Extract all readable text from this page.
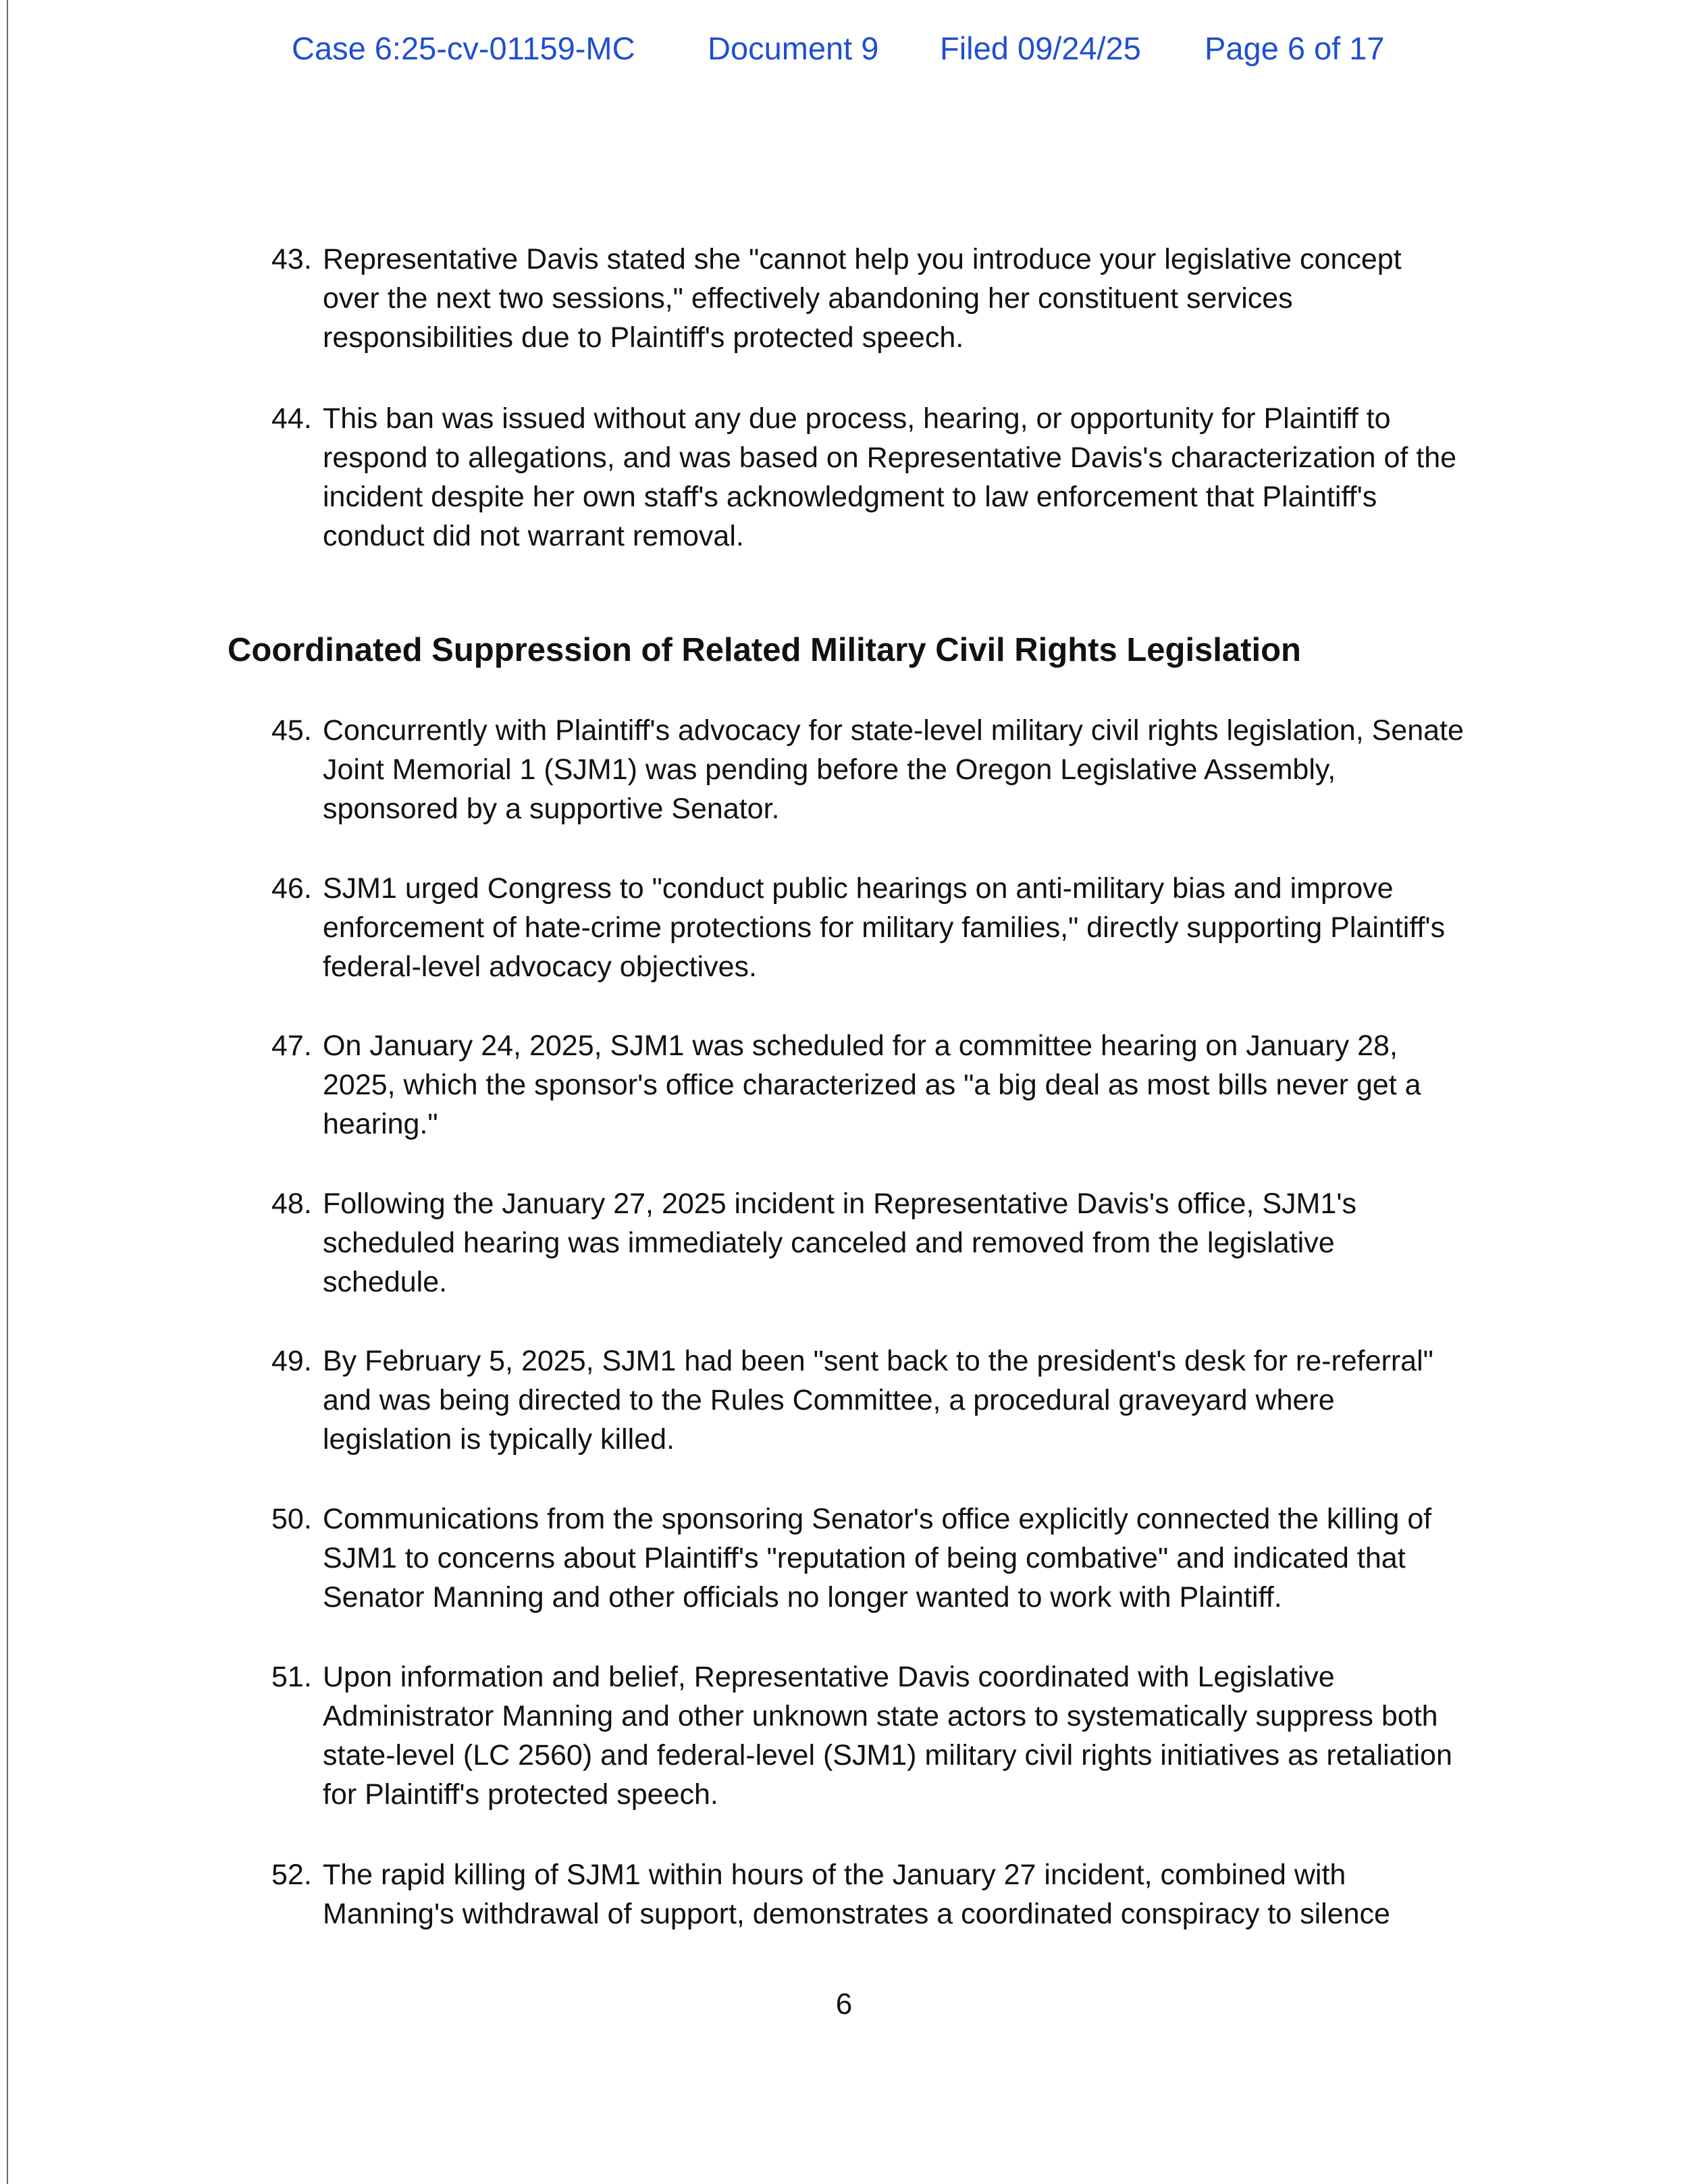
Case 6:25-cv-01159-MC Document 9 Filed 09/24/25 Page 6 of 17
43. Representative Davis stated she "cannot help you introduce your legislative concept
over the next two sessions," effectively abandoning her constituent services
responsibilities due to Plaintiff's protected speech.
44. This ban was issued without any due process, hearing, or opportunity for Plaintiff to
respond to allegations, and was based on Representative Davis's characterization of the
incident despite her own staff's acknowledgment to law enforcement that Plaintiff's
conduct did not warrant removal.
Coordinated Suppression of Related Military Civil Rights Legislation
45. Concurrently with Plaintiff's advocacy for state-level military civil rights legislation, Senate
Joint Memorial 1 (SJM1) was pending before the Oregon Legislative Assembly,
sponsored by a supportive Senator.
46. SJM1 urged Congress to "conduct public hearings on anti-military bias and improve
enforcement of hate-crime protections for military families," directly supporting Plaintiff's
federal-level advocacy objectives.
47. On January 24, 2025, SJM1 was scheduled for a committee hearing on January 28,
2025, which the sponsor's office characterized as "a big deal as most bills never get a
hearing."
48. Following the January 27, 2025 incident in Representative Davis's office, SJM1's
scheduled hearing was immediately canceled and removed from the legislative
schedule.
49. By February 5, 2025, SJM1 had been "sent back to the president's desk for re-referral"
and was being directed to the Rules Committee, a procedural graveyard where
legislation is typically killed.
50. Communications from the sponsoring Senator's office explicitly connected the killing of
SJM1 to concerns about Plaintiff's "reputation of being combative" and indicated that
Senator Manning and other officials no longer wanted to work with Plaintiff.
51. Upon information and belief, Representative Davis coordinated with Legislative
Administrator Manning and other unknown state actors to systematically suppress both
state-level (LC 2560) and federal-level (SJM1) military civil rights initiatives as retaliation
for Plaintiff's protected speech.
52. The rapid killing of SJM1 within hours of the January 27 incident, combined with
Manning's withdrawal of support, demonstrates a coordinated conspiracy to silence
6
